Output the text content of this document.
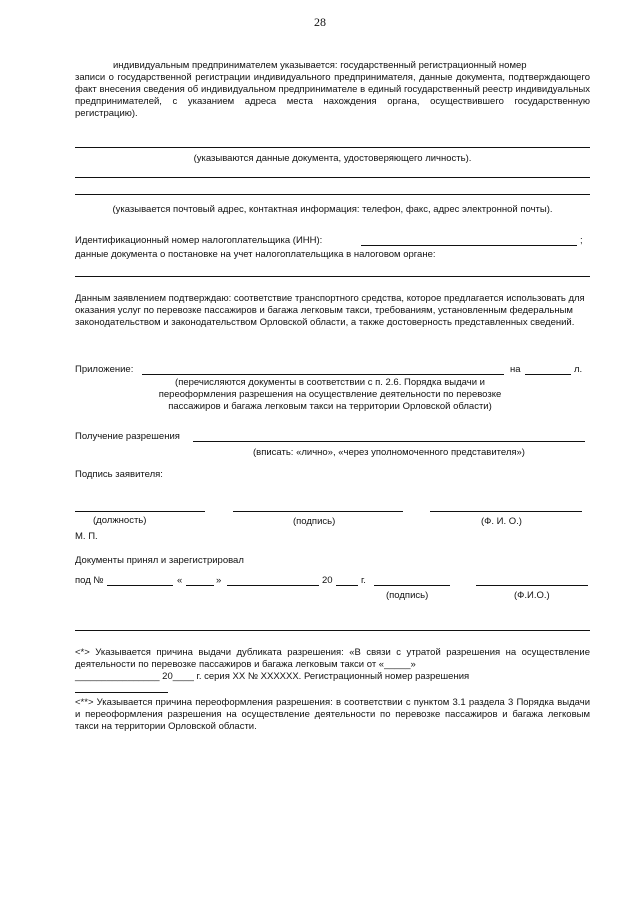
28
индивидуальным предпринимателем указывается: государственный регистрационный номер
записи о государственной регистрации индивидуального предпринимателя, данные документа, подтверждающего факт внесения сведения об индивидуальном предпринимателе в единый государственный реестр индивидуальных предпринимателей, с указанием адреса места нахождения органа, осуществившего государственную регистрацию).
(указываются данные документа, удостоверяющего личность).
(указывается почтовый адрес, контактная информация: телефон, факс, адрес электронной почты).
Идентификационный номер налогоплательщика (ИНН):	;
данные документа о постановке на учет налогоплательщика в налоговом органе:
Данным заявлением подтверждаю: соответствие транспортного средства, которое предлагается использовать для оказания услуг по перевозке пассажиров и багажа легковым такси, требованиям, установленным федеральным законодательством и законодательством Орловской области, а также достоверность представленных сведений.
Приложение:	на	л.
(перечисляются документы в соответствии с п. 2.6. Порядка выдачи и переоформления разрешения на осуществление деятельности по перевозке пассажиров и багажа легковым такси на территории Орловской области)
Получение разрешения
(вписать: «лично», «через уполномоченного представителя»)
Подпись заявителя:
(должность)	(подпись)	(Ф. И. О.)
М. П.
Документы принял и зарегистрировал
под №	«	»	20	г.
(подпись)	(Ф.И.О.)
<*> Указывается причина выдачи дубликата разрешения: «В связи с утратой разрешения на осуществление деятельности по перевозке пассажиров и багажа легковым такси от «_____»
________________ 20____ г. серия XX № XXXXXX. Регистрационный номер разрешения
<**> Указывается причина переоформления разрешения: в соответствии с пунктом 3.1 раздела 3 Порядка выдачи и переоформления разрешения на осуществление деятельности по перевозке пассажиров и багажа легковым такси на территории Орловской области.
